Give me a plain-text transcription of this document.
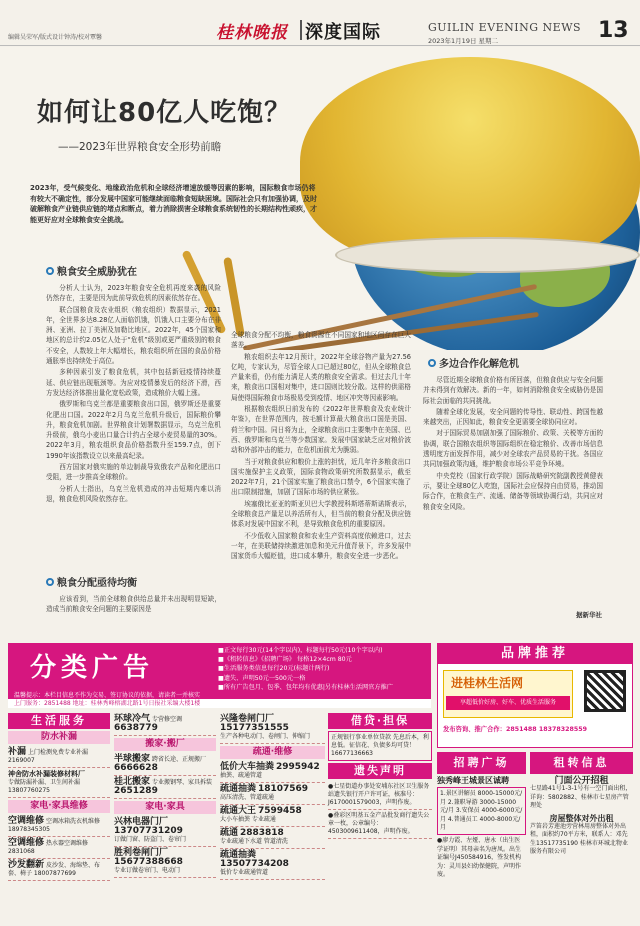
编辑吴荣军/版式设计钟涛/校对覃馨	桂林晚报 深度国际	GUILIN EVENING NEWS
2023年1月19日 星期二	13
如何让80亿人吃饱？
——2023年世界粮食安全形势前瞻
2023年，受气候变化、地缘政治危机和全球经济增速放缓等因素的影响，国际粮食市场仍将有较大不确定性，部分发展中国家可能继续面临粮食短缺困境。国际社会只有加强协调，及时破解粮食产业链供应链的堵点和断点，着力消除损害全球粮食系统韧性的长期结构性顽疾，才能更好应对全球粮食安全挑战。
粮食安全威胁犹在

分析人士认为，2023年粮食安全危机再度来袭的风险仍然存在，主要是因为此前导致危机的因素依然存在。

联合国粮食及农业组织（粮农组织）数据显示，2021年，全世界多达8.28亿人面临饥饿，饥饿人口主要分布在非洲、亚洲、拉丁美洲及加勒比地区。2022年，45个国家和地区的总计约2.05亿人处于“危机”级别或更严重级别的粮食不安全，人数较上年大幅增长，粮农组织所在国的食品价格通胀率也持续处于高位。

多种因素引发了粮食危机，其中包括新冠疫情持续蔓延、供应链出现瓶颈等。为应对疫情暴发后的经济下滑，西方发达经济体推出量化宽松政策，造成粮价大幅上涨。

俄罗斯和乌克兰都是重要粮食出口国，俄罗斯还是重要化肥出口国。2022年2月乌克兰危机升级后，国际粮价攀升，粮食危机加剧。世界粮食计划署数据显示，乌克兰危机升级前，俄乌小麦出口量合计约占全球小麦贸易量的30%。2022年3月，粮农组织食品价格指数升至159.7点，创下1990年该指数设立以来最高纪录。

西方国家对俄实施的单边制裁导致俄农产品和化肥出口受阻，进一步推高全球粮价。

分析人士指出，乌克兰危机造成的冲击短期内难以消退，粮食危机风险依然存在。

粮食分配亟待均衡

应该看到，当前全球粮食供给总量并未出现明显短缺，造成当前粮食安全问题的主要原因是

全球粮食分配不均衡，粮食资源在不同国家和地区间存在巨大落差。

粮农组织去年12月预计，2022年全球谷物产量为27.56亿吨，专家认为，尽管全球人口已超过80亿，但从全球粮食总产量来看，仍有能力满足人类的粮食安全需求。但过去几十年来，粮食出口国相对集中，进口国则比较分散。这样的供需格局使得国际粮食市场极易受到疫情、地区冲突等因素影响。

根据粮农组织日前发布的《2022年世界粮食及农业统计年鉴》，在世界范围内，按毛额计算最大粮食出口国是美国、荷兰和中国。同日将为止，全球粮食出口主要集中在美国、巴西、俄罗斯和乌克兰等少数国家。发展中国家缺乏应对粮价波动和外部冲击的能力，在危机面前尤为脆弱。

当于对粮食供应和粮价上涨的担忧，近几年许多粮食出口国实施保护主义政策，国际食物政策研究所数据显示，截至2022年7月，21个国家实施了粮食出口禁令，6个国家实施了出口限制措施，加剧了国际市场的供应紧张。

埃塞俄比亚亚的斯亚贝巴大学教授科斯塔蒂斯诺斯表示，全球粮食总产量足以养活所有人，但当前的粮食分配及供应链体系对发展中国家不利，是导致粮食危机的重要原因。

不少低收入国家粮食和农业生产资料高度依赖进口，过去一年，在美联储持续激进加息和美元升值背景下，许多发展中国家货币大幅贬值，进口成本攀升，粮食安全进一步恶化。

多边合作化解危机

尽管近期全球粮食价格有所回落，但粮食供应与安全问题并未得到有效解决。新的一年，如何消除粮食安全威胁仍是国际社会面临的共同挑战。

随着全球化发展，安全问题的传导性、联动性、跨国性越来越突出，正因如此，粮食安全更需要全球协同应对。

对于国际贸易加剧加强了国际粮价、政策、关税等方面的协调，联合国粮农组织等国际组织在稳定粮价、改善市场信息透明度方面发挥作用，减少对全球农产品贸易的干扰。各国应共同加强政策沟通，维护粮食市场公平竞争环境。

中央党校（国家行政学院）国际战略研究院副教授黄健表示，要让全球80亿人吃饱，国际社会应保持自由贸易，推动国际合作，在粮食生产、流通、储备等领域协调行动，共同应对粮食安全风险。

据新华社
分类广告
■正文每行30元(14个字以内)，标题每行50元(10个字以内)
■《租转信息》《招聘广场》 每格12×4cm 80元
■生活服务类信息每行20元(标题计两行)
■遗失、声明50元一500元一格
■所有广告包月、包季、包年均有优惠|另有桂林生活网官方推广
温馨提示：本栏目信息不作为交易、签订协议的依据，请读者一并核实
上门服务：2851488 地址：桂林秀峰榕湖北路1号日报社采编大楼1楼
品牌推荐
进桂林生活网
享超低价好房、好车、优质生活服务
发布咨询、推广合作：2851488 18378328559
生活服务
防水补漏
补漏 上门检测免费专业补漏 2169007
神舍防水补漏装修材料厂
专做防漏补漏、卫生间补漏 13807760275
家电·家具维修
空调维修 空调冰箱洗衣机维修 18978345305
空调维修 热水器空调维修 2831068
沙发翻新 皮沙发、海绵垫、布套、椅子 18007877699
环球冷气 专营修空调 6638779
搬家·搬厂
半球搬家 跨省长途、正规搬厂 6666628
桂北搬家 专业搬钢琴、家具拆装 2651289
家电·家具
兴林电器门厂 13707731209
订做门窗、防盗门、卷帘门
胜利卷闸门厂 15677388668
专业订做卷帘门、电动门
兴隆卷闸门厂 15177351555
生产各种电动门、卷闸门、伸缩门
疏通·维修
低价大车抽粪 2995942
抽粪、疏通管道
疏通抽粪 18107569
高压清洗、管道疏通
疏通大王 7599458
大小车抽粪 专业疏通
疏通 2883818
专业疏通下水道 管道清洗
疏通抽粪 13507734208
低价专业疏通管道
借贷·担保
正规银行事业单位贷款 先息后本，利息低。征信花、负债多均可贷！16677136663
遗失声明
●七星街道办事处安埔东社区卫生服务站遗失银行开户许可证，核准号：J6170001579003，声明作废。
●叠彩区明基五金产品批发商行遗失公章一枚，公章编号：4503009611408，声明作废。
招聘广场
独秀峰王城景区诚聘
1.景区讲解员 8000-15000元/月 2.兼职导游 3000-15000元/月 3.安保员 4000-6000元/月 4.普通员工 4000-8000元/月
●廖力霞、左娅、唐永（出生医学证明）其母亲名为唐凤。出生证编号J450584916，签发机构为：灵川县妇幼保健院，声明作废。
租转信息
门面公开招租
七星路41号1-3-1号有一空门面出租，详询：5802882、桂林市七星房产管理处
房屋整体对外出租
芦笛岩芳莲池旁营林用房整体对外出租，面积约70平方米，联系人：邓先生13517735190 桂林市环城北物业服务有限公司
